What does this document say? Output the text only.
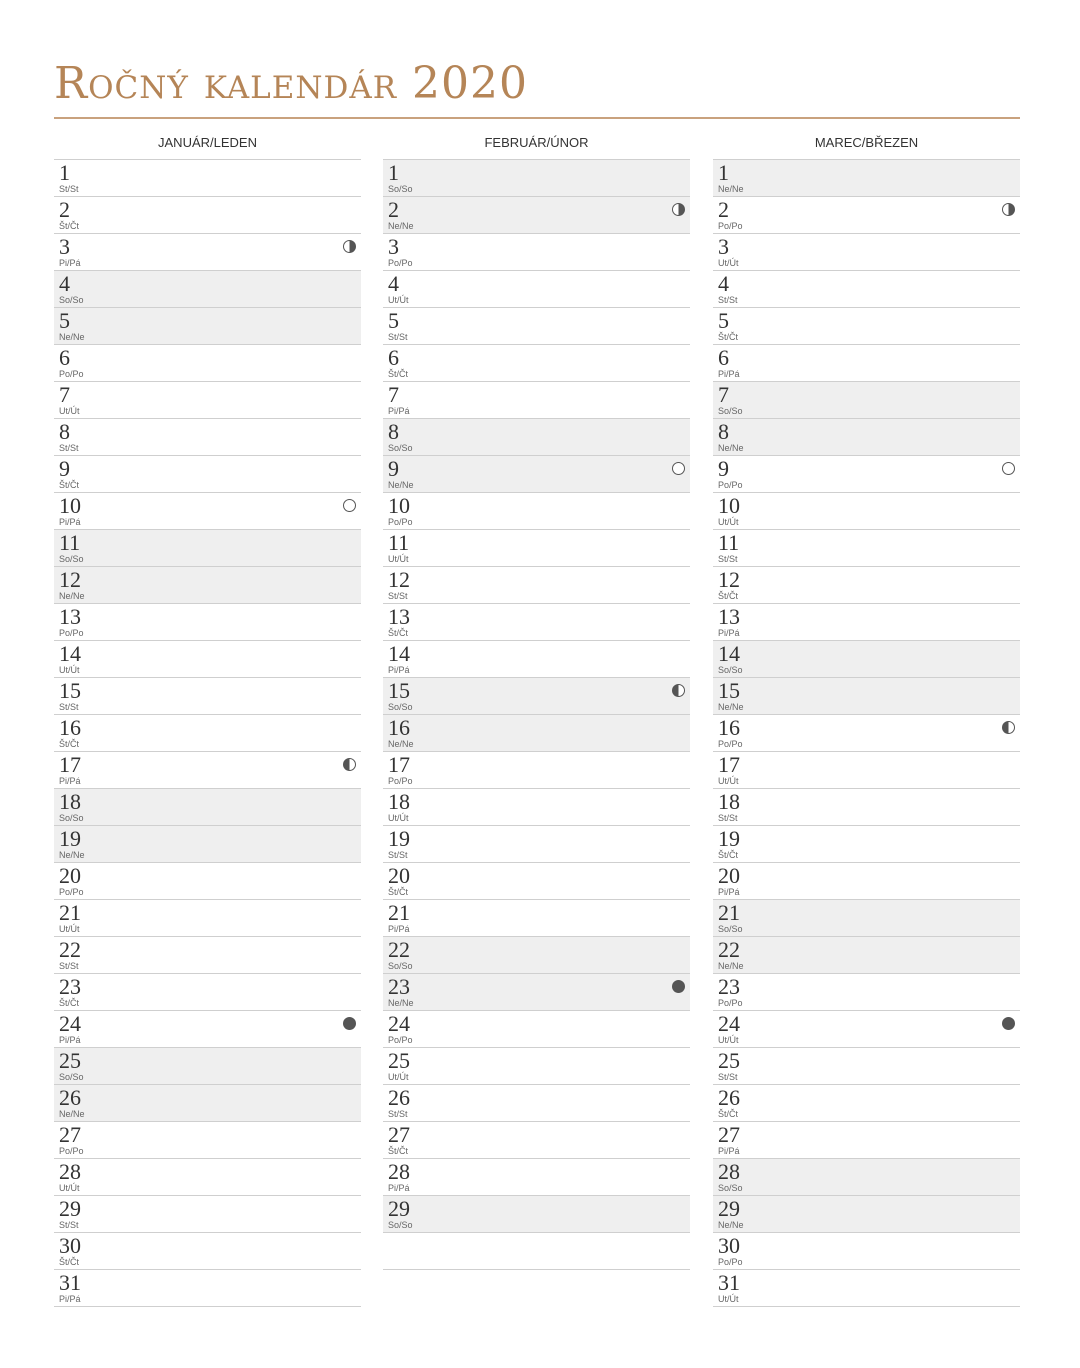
Ročný kalendár 2020
JANUÁR/LEDEN
1
St/St
2
Št/Čt
3
Pi/Pá
4
So/So
5
Ne/Ne
6
Po/Po
7
Ut/Út
8
St/St
9
Št/Čt
10
Pi/Pá
11
So/So
12
Ne/Ne
13
Po/Po
14
Ut/Út
15
St/St
16
Št/Čt
17
Pi/Pá
18
So/So
19
Ne/Ne
20
Po/Po
21
Ut/Út
22
St/St
23
Št/Čt
24
Pi/Pá
25
So/So
26
Ne/Ne
27
Po/Po
28
Ut/Út
29
St/St
30
Št/Čt
31
Pi/Pá
FEBRUÁR/ÚNOR
1
So/So
2
Ne/Ne
3
Po/Po
4
Ut/Út
5
St/St
6
Št/Čt
7
Pi/Pá
8
So/So
9
Ne/Ne
10
Po/Po
11
Ut/Út
12
St/St
13
Št/Čt
14
Pi/Pá
15
So/So
16
Ne/Ne
17
Po/Po
18
Ut/Út
19
St/St
20
Št/Čt
21
Pi/Pá
22
So/So
23
Ne/Ne
24
Po/Po
25
Ut/Út
26
St/St
27
Št/Čt
28
Pi/Pá
29
So/So
MAREC/BŘEZEN
1
Ne/Ne
2
Po/Po
3
Ut/Út
4
St/St
5
Št/Čt
6
Pi/Pá
7
So/So
8
Ne/Ne
9
Po/Po
10
Ut/Út
11
St/St
12
Št/Čt
13
Pi/Pá
14
So/So
15
Ne/Ne
16
Po/Po
17
Ut/Út
18
St/St
19
Št/Čt
20
Pi/Pá
21
So/So
22
Ne/Ne
23
Po/Po
24
Ut/Út
25
St/St
26
Št/Čt
27
Pi/Pá
28
So/So
29
Ne/Ne
30
Po/Po
31
Ut/Út
